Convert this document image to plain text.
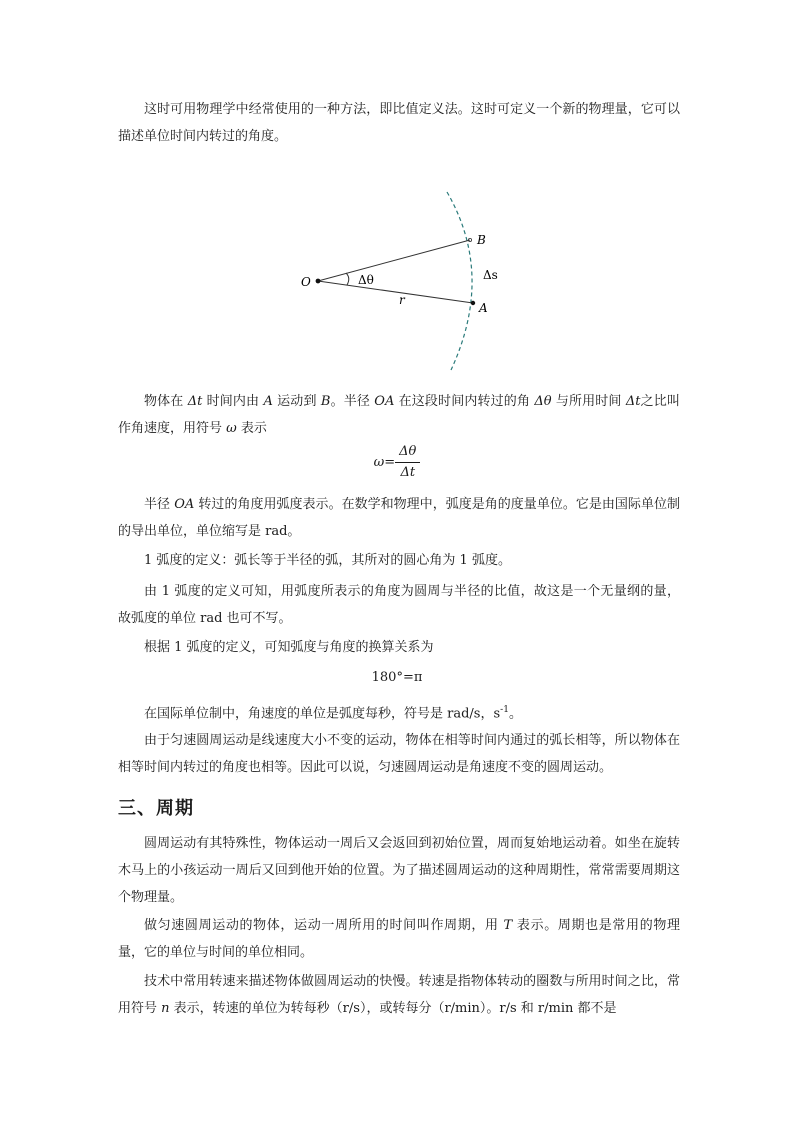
这时可用物理学中经常使用的一种方法，即比值定义法。这时可定义一个新的物理量，它可以描述单位时间内转过的角度。

O
B
A
r
Δθ	Δs

物体在 Δt 时间内由 A 运动到 B。半径 OA 在这段时间内转过的角 Δθ 与所用时间 Δt之比叫作角速度，用符号 ω 表示

$\omega= \frac{\Delta\theta}{\Delta t}$

半径 OA 转过的角度用弧度表示。在数学和物理中，弧度是角的度量单位。它是由国际单位制的导出单位，单位缩写是 rad。

1 弧度的定义：弧长等于半径的弧，其所对的圆心角为 1 弧度。

由 1 弧度的定义可知，用弧度所表示的角度为圆周与半径的比值，故这是一个无量纲的量，故弧度的单位 rad 也可不写。

根据 1 弧度的定义，可知弧度与角度的换算关系为

180°=π

在国际单位制中，角速度的单位是弧度每秒，符号是 rad/s，$s^{-1}$。

由于匀速圆周运动是线速度大小不变的运动，物体在相等时间内通过的弧长相等，所以物体在相等时间内转过的角度也相等。因此可以说，匀速圆周运动是角速度不变的圆周运动。

三、周期

圆周运动有其特殊性，物体运动一周后又会返回到初始位置，周而复始地运动着。如坐在旋转木马上的小孩运动一周后又回到他开始的位置。为了描述圆周运动的这种周期性，常常需要周期这个物理量。

做匀速圆周运动的物体，运动一周所用的时间叫作周期，用 T 表示。周期也是常用的物理量，它的单位与时间的单位相同。

技术中常用转速来描述物体做圆周运动的快慢。转速是指物体转动的圈数与所用时间之比，常用符号 n 表示，转速的单位为转每秒（r/s），或转每分（r/min）。r/s 和 r/min 都不是
